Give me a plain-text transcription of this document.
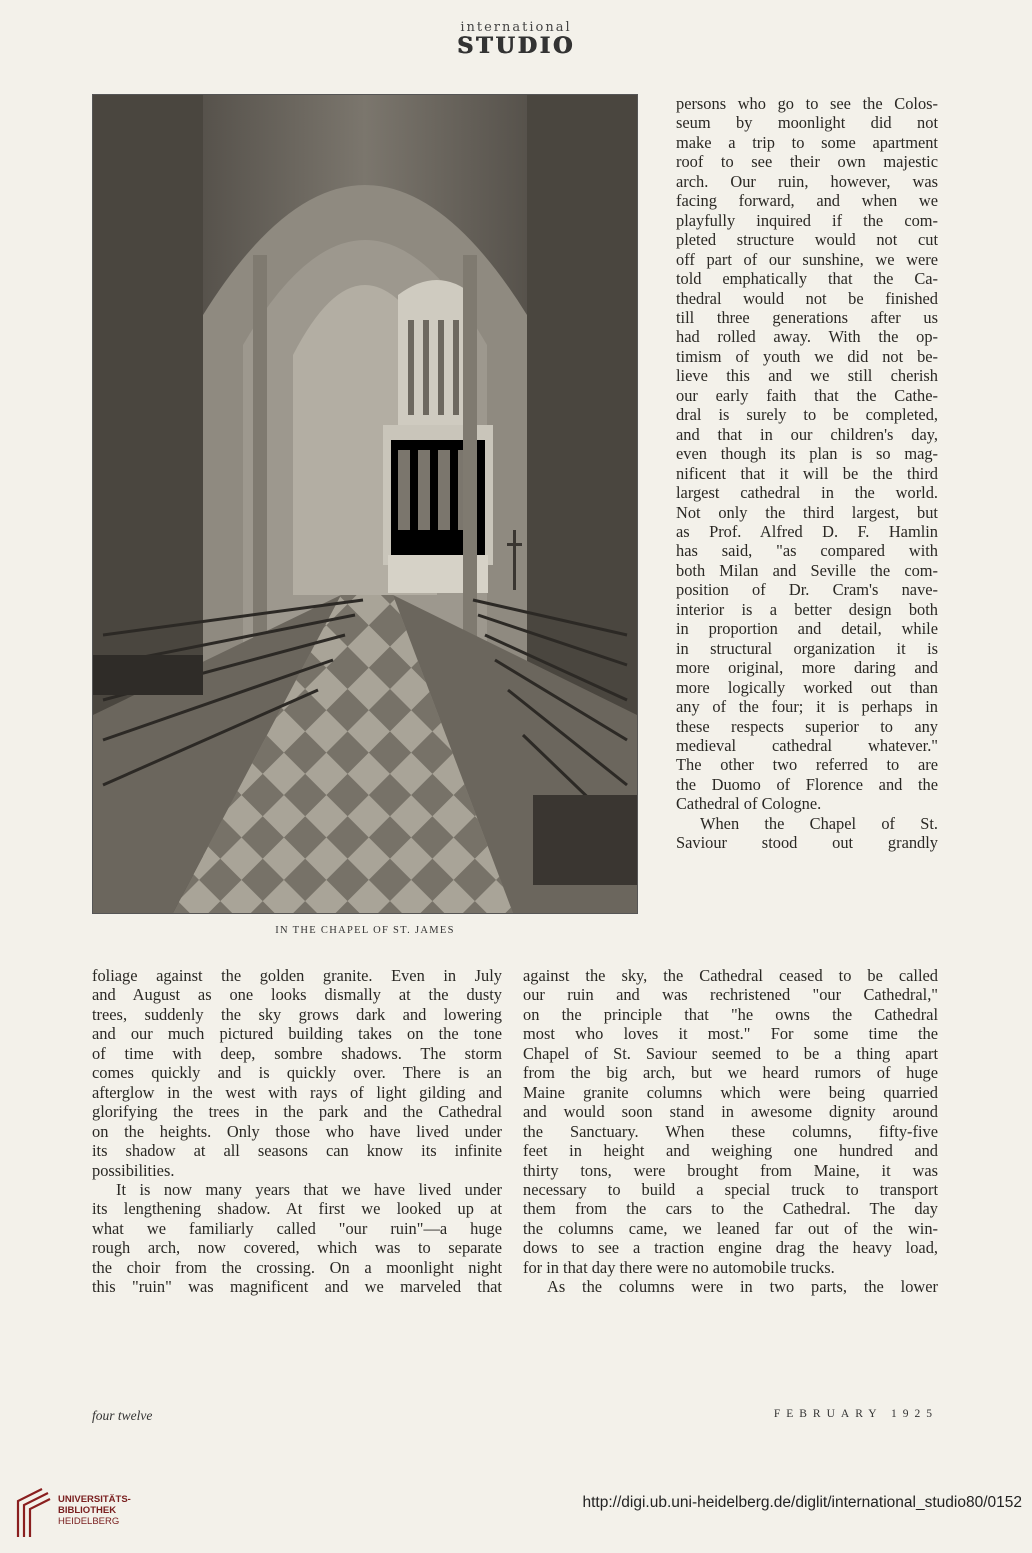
international
STUDIO
IN THE CHAPEL OF ST. JAMES
persons who go to see the Colos-
seum by moonlight did not
make a trip to some apartment
roof to see their own majestic
arch. Our ruin, however, was
facing forward, and when we
playfully inquired if the com-
pleted structure would not cut
off part of our sunshine, we were
told emphatically that the Ca-
thedral would not be finished
till three generations after us
had rolled away. With the op-
timism of youth we did not be-
lieve this and we still cherish
our early faith that the Cathe-
dral is surely to be completed,
and that in our children's day,
even though its plan is so mag-
nificent that it will be the third
largest cathedral in the world.
Not only the third largest, but
as Prof. Alfred D. F. Hamlin
has said, "as compared with
both Milan and Seville the com-
position of Dr. Cram's nave-
interior is a better design both
in proportion and detail, while
in structural organization it is
more original, more daring and
more logically worked out than
any of the four; it is perhaps in
these respects superior to any
medieval cathedral whatever."
The other two referred to are
the Duomo of Florence and the
Cathedral of Cologne.
When the Chapel of St.
Saviour stood out grandly
foliage against the golden granite. Even in July
and August as one looks dismally at the dusty
trees, suddenly the sky grows dark and lowering
and our much pictured building takes on the tone
of time with deep, sombre shadows. The storm
comes quickly and is quickly over. There is an
afterglow in the west with rays of light gilding and
glorifying the trees in the park and the Cathedral
on the heights. Only those who have lived under
its shadow at all seasons can know its infinite
possibilities.
It is now many years that we have lived under
its lengthening shadow. At first we looked up at
what we familiarly called "our ruin"—a huge
rough arch, now covered, which was to separate
the choir from the crossing. On a moonlight night
this "ruin" was magnificent and we marveled that
against the sky, the Cathedral ceased to be called
our ruin and was rechristened "our Cathedral,"
on the principle that "he owns the Cathedral
most who loves it most." For some time the
Chapel of St. Saviour seemed to be a thing apart
from the big arch, but we heard rumors of huge
Maine granite columns which were being quarried
and would soon stand in awesome dignity around
the Sanctuary. When these columns, fifty-five
feet in height and weighing one hundred and
thirty tons, were brought from Maine, it was
necessary to build a special truck to transport
them from the cars to the Cathedral. The day
the columns came, we leaned far out of the win-
dows to see a traction engine drag the heavy load,
for in that day there were no automobile trucks.
As the columns were in two parts, the lower
four twelve	FEBRUARY 1925
UNIVERSITÄTS-
BIBLIOTHEK
HEIDELBERG
http://digi.ub.uni-heidelberg.de/diglit/international_studio80/0152
